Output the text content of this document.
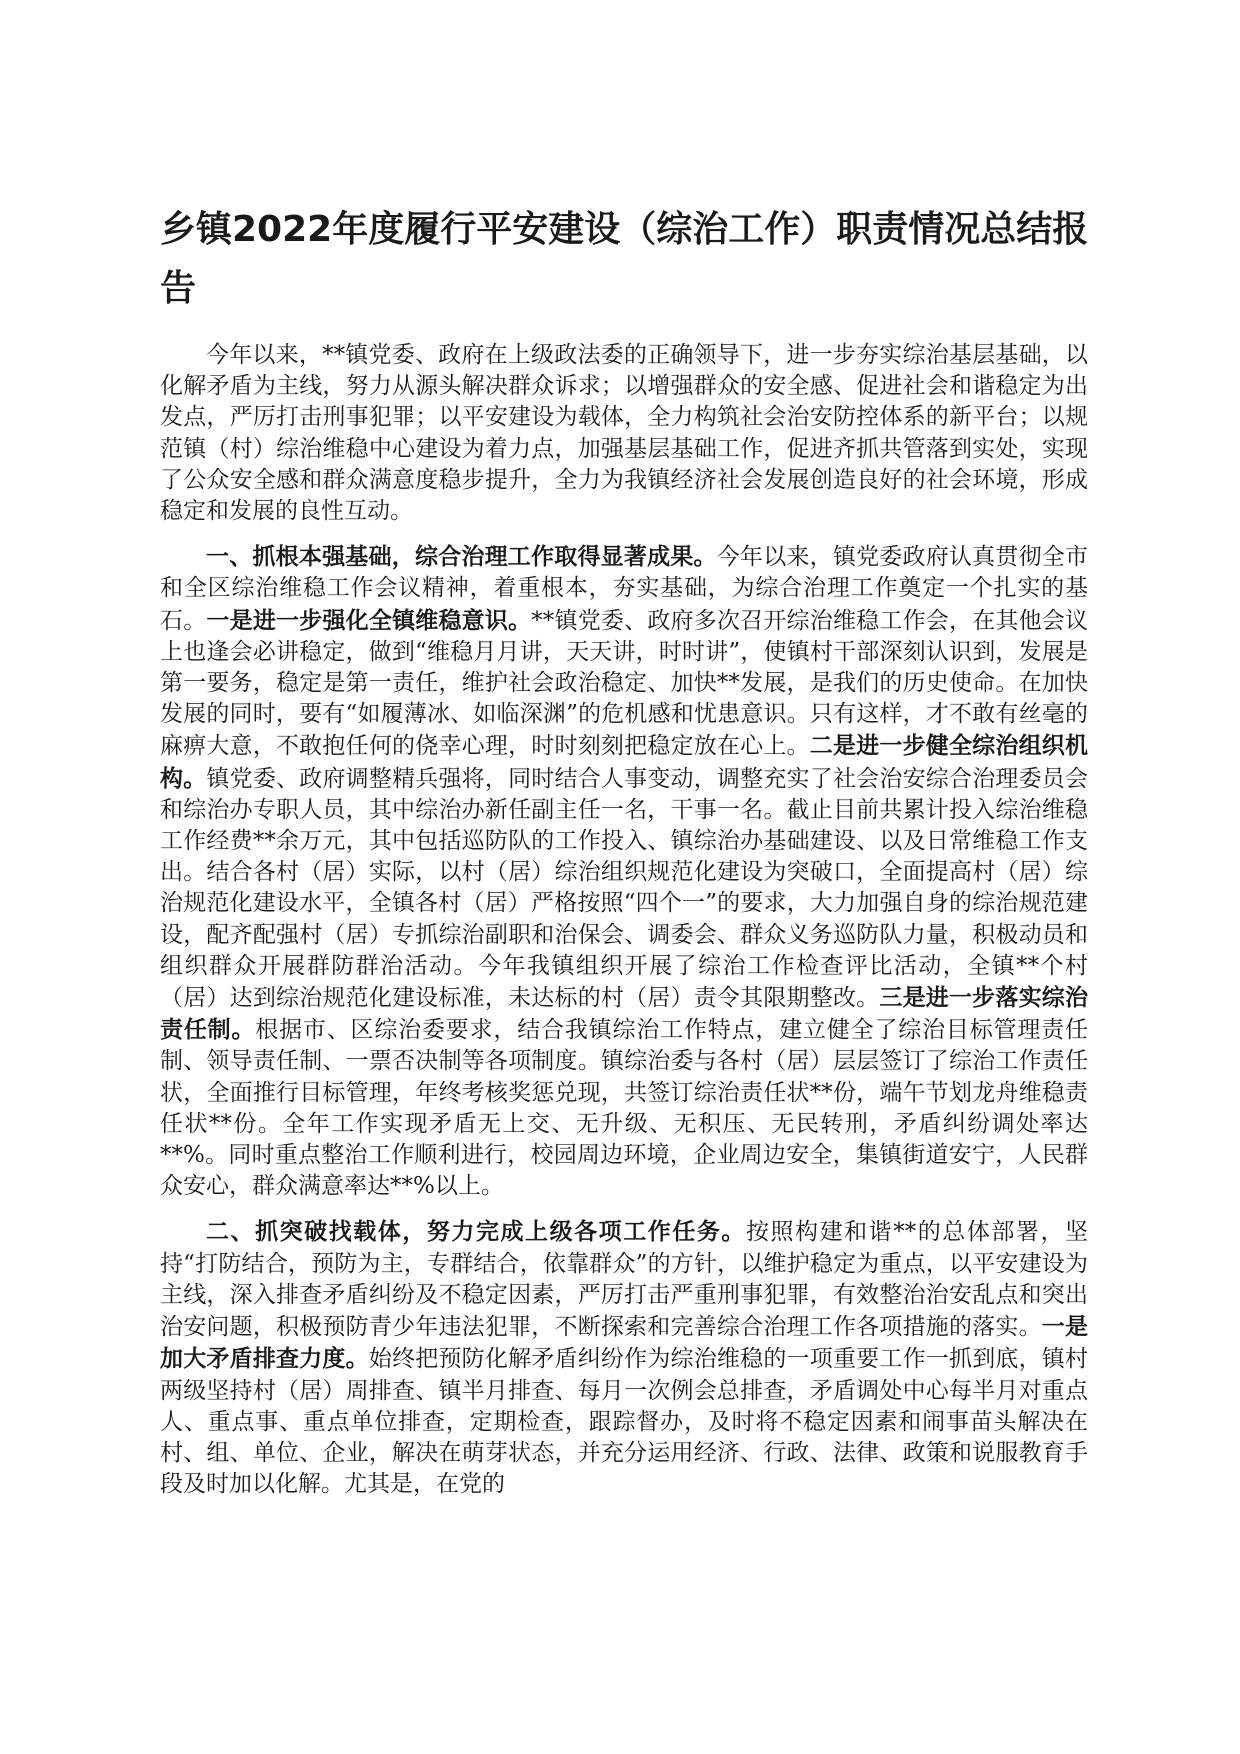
乡镇2022年度履行平安建设（综治工作）职责情况总结报告

今年以来，**镇党委、政府在上级政法委的正确领导下，进一步夯实综治基层基础，以化解矛盾为主线，努力从源头解决群众诉求；以增强群众的安全感、促进社会和谐稳定为出发点，严厉打击刑事犯罪；以平安建设为载体，全力构筑社会治安防控体系的新平台；以规范镇（村）综治维稳中心建设为着力点，加强基层基础工作，促进齐抓共管落到实处，实现了公众安全感和群众满意度稳步提升，全力为我镇经济社会发展创造良好的社会环境，形成稳定和发展的良性互动。

一、抓根本强基础，综合治理工作取得显著成果。今年以来，镇党委政府认真贯彻全市和全区综治维稳工作会议精神，着重根本，夯实基础，为综合治理工作奠定一个扎实的基石。一是进一步强化全镇维稳意识。**镇党委、政府多次召开综治维稳工作会，在其他会议上也逢会必讲稳定，做到“维稳月月讲，天天讲，时时讲”，使镇村干部深刻认识到，发展是第一要务，稳定是第一责任，维护社会政治稳定、加快**发展，是我们的历史使命。在加快发展的同时，要有“如履薄冰、如临深渊”的危机感和忧患意识。只有这样，才不敢有丝毫的麻痹大意，不敢抱任何的侥幸心理，时时刻刻把稳定放在心上。二是进一步健全综治组织机构。镇党委、政府调整精兵强将，同时结合人事变动，调整充实了社会治安综合治理委员会和综治办专职人员，其中综治办新任副主任一名，干事一名。截止目前共累计投入综治维稳工作经费**余万元，其中包括巡防队的工作投入、镇综治办基础建设、以及日常维稳工作支出。结合各村（居）实际，以村（居）综治组织规范化建设为突破口，全面提高村（居）综治规范化建设水平，全镇各村（居）严格按照“四个一”的要求，大力加强自身的综治规范建设，配齐配强村（居）专抓综治副职和治保会、调委会、群众义务巡防队力量，积极动员和组织群众开展群防群治活动。今年我镇组织开展了综治工作检查评比活动，全镇**个村（居）达到综治规范化建设标准，未达标的村（居）责令其限期整改。三是进一步落实综治责任制。根据市、区综治委要求，结合我镇综治工作特点，建立健全了综治目标管理责任制、领导责任制、一票否决制等各项制度。镇综治委与各村（居）层层签订了综治工作责任状，全面推行目标管理，年终考核奖惩兑现，共签订综治责任状**份，端午节划龙舟维稳责任状**份。全年工作实现矛盾无上交、无升级、无积压、无民转刑，矛盾纠纷调处率达**%。同时重点整治工作顺利进行，校园周边环境，企业周边安全，集镇街道安宁，人民群众安心，群众满意率达**%以上。

二、抓突破找载体，努力完成上级各项工作任务。按照构建和谐**的总体部署，坚持“打防结合，预防为主，专群结合，依靠群众”的方针，以维护稳定为重点，以平安建设为主线，深入排查矛盾纠纷及不稳定因素，严厉打击严重刑事犯罪，有效整治治安乱点和突出治安问题，积极预防青少年违法犯罪，不断探索和完善综合治理工作各项措施的落实。一是加大矛盾排查力度。始终把预防化解矛盾纠纷作为综治维稳的一项重要工作一抓到底，镇村两级坚持村（居）周排查、镇半月排查、每月一次例会总排查，矛盾调处中心每半月对重点人、重点事、重点单位排查，定期检查，跟踪督办，及时将不稳定因素和闹事苗头解决在村、组、单位、企业，解决在萌芽状态，并充分运用经济、行政、法律、政策和说服教育手段及时加以化解。尤其是，在党的
